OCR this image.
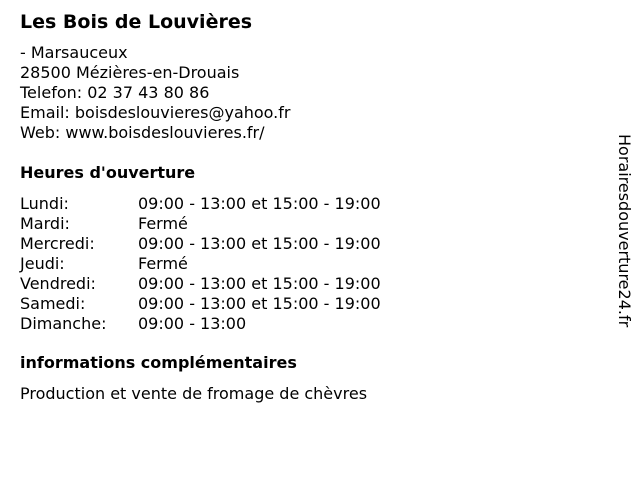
Les Bois de Louvières
- Marsauceux
28500 Mézières-en-Drouais
Telefon: 02 37 43 80 86
Email: boisdeslouvieres@yahoo.fr
Web: www.boisdeslouvieres.fr/
Heures d'ouverture
Lundi:	09:00 - 13:00 et 15:00 - 19:00
Mardi:	Fermé
Mercredi:	09:00 - 13:00 et 15:00 - 19:00
Jeudi:	Fermé
Vendredi:	09:00 - 13:00 et 15:00 - 19:00
Samedi:	09:00 - 13:00 et 15:00 - 19:00
Dimanche: 09:00 - 13:00
informations complémentaires
Production et vente de fromage de chèvres
Horairesdouverture24.fr
